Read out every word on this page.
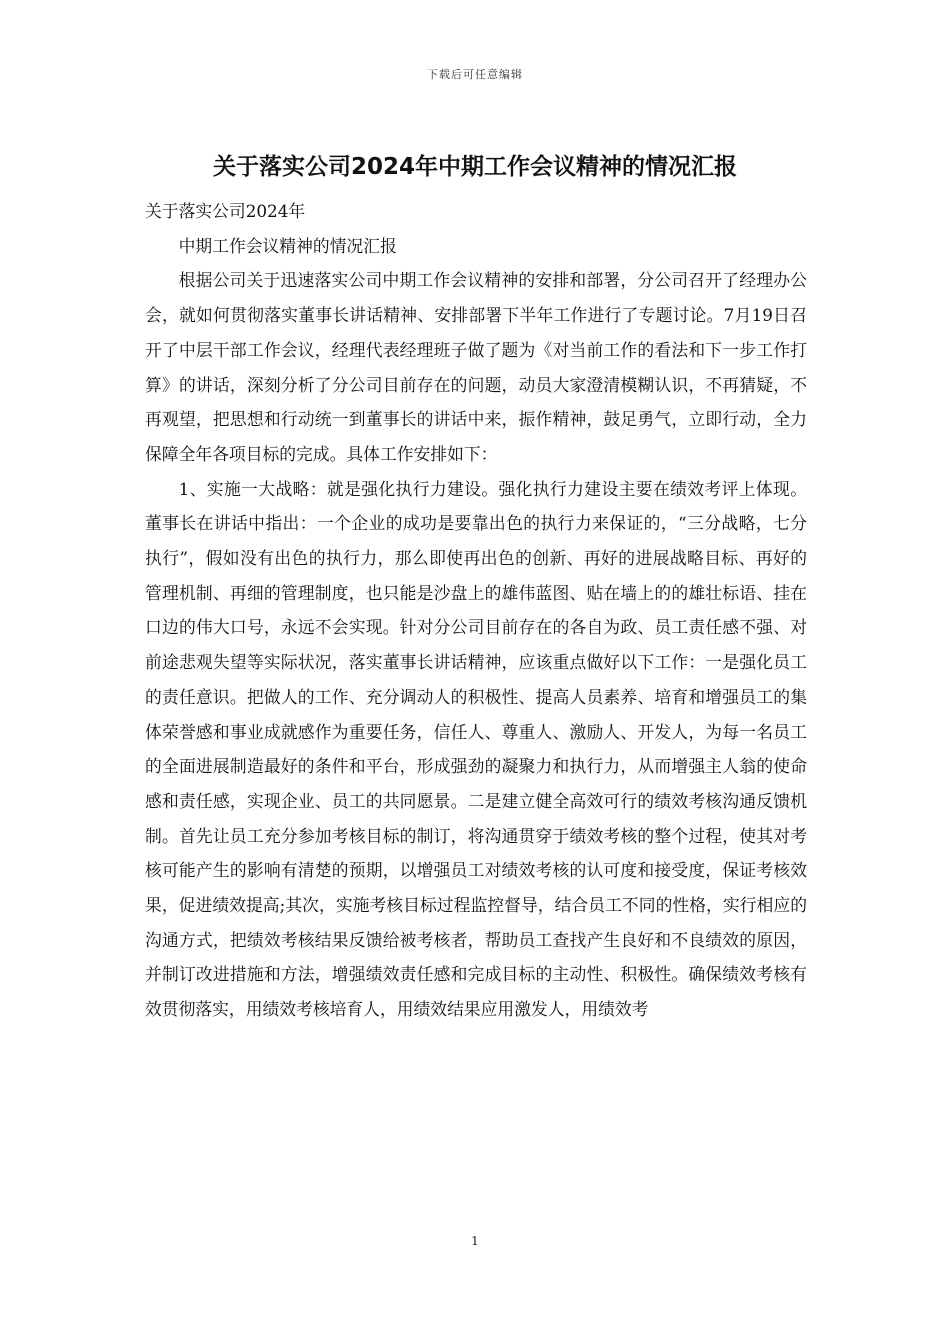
下载后可任意编辑
关于落实公司2024年中期工作会议精神的情况汇报

关于落实公司2024年

中期工作会议精神的情况汇报

根据公司关于迅速落实公司中期工作会议精神的安排和部署，分公司召开了经理办公会，就如何贯彻落实董事长讲话精神、安排部署下半年工作进行了专题讨论。7月19日召开了中层干部工作会议，经理代表经理班子做了题为《对当前工作的看法和下一步工作打算》的讲话，深刻分析了分公司目前存在的问题，动员大家澄清模糊认识，不再猜疑，不再观望，把思想和行动统一到董事长的讲话中来，振作精神，鼓足勇气，立即行动，全力保障全年各项目标的完成。具体工作安排如下：

1、实施一大战略：就是强化执行力建设。强化执行力建设主要在绩效考评上体现。董事长在讲话中指出：一个企业的成功是要靠出色的执行力来保证的，“三分战略，七分执行”，假如没有出色的执行力，那么即使再出色的创新、再好的进展战略目标、再好的管理机制、再细的管理制度，也只能是沙盘上的雄伟蓝图、贴在墙上的的雄壮标语、挂在口边的伟大口号，永远不会实现。针对分公司目前存在的各自为政、员工责任感不强、对前途悲观失望等实际状况，落实董事长讲话精神，应该重点做好以下工作：一是强化员工的责任意识。把做人的工作、充分调动人的积极性、提高人员素养、培育和增强员工的集体荣誉感和事业成就感作为重要任务，信任人、尊重人、激励人、开发人，为每一名员工的全面进展制造最好的条件和平台，形成强劲的凝聚力和执行力，从而增强主人翁的使命感和责任感，实现企业、员工的共同愿景。二是建立健全高效可行的绩效考核沟通反馈机制。首先让员工充分参加考核目标的制订，将沟通贯穿于绩效考核的整个过程，使其对考核可能产生的影响有清楚的预期，以增强员工对绩效考核的认可度和接受度，保证考核效果，促进绩效提高;其次，实施考核目标过程监控督导，结合员工不同的性格，实行相应的沟通方式，把绩效考核结果反馈给被考核者，帮助员工查找产生良好和不良绩效的原因，并制订改进措施和方法，增强绩效责任感和完成目标的主动性、积极性。确保绩效考核有效贯彻落实，用绩效考核培育人，用绩效结果应用激发人，用绩效考

1
